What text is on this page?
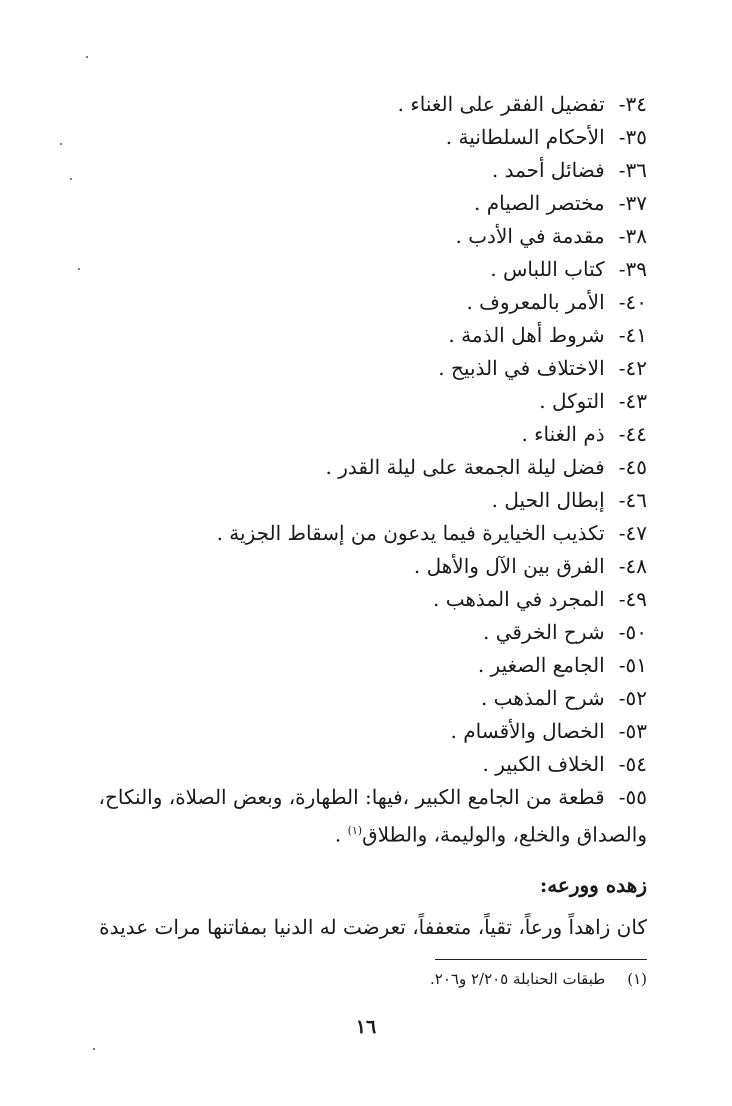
٣٤- تفضيل الفقر على الغناء .
٣٥- الأحكام السلطانية .
٣٦- فضائل أحمد .
٣٧- مختصر الصيام .
٣٨- مقدمة في الأدب .
٣٩- كتاب اللباس .
٤٠- الأمر بالمعروف .
٤١- شروط أهل الذمة .
٤٢- الاختلاف في الذبيح .
٤٣- التوكل .
٤٤- ذم الغناء .
٤٥- فضل ليلة الجمعة على ليلة القدر .
٤٦- إبطال الحيل .
٤٧- تكذيب الخيايرة فيما يدعون من إسقاط الجزية .
٤٨- الفرق بين الآل والأهل .
٤٩- المجرد في المذهب .
٥٠- شرح الخرقي .
٥١- الجامع الصغير .
٥٢- شرح المذهب .
٥٣- الخصال والأقسام .
٥٤- الخلاف الكبير .
٥٥- قطعة من الجامع الكبير ،فيها: الطهارة، وبعض الصلاة، والنكاح،
والصداق والخلع، والوليمة، والطلاق$^{(١)}$ .
زهده وورعه:
كان زاهداً ورعاً، تقياً، متعففاً، تعرضت له الدنيا بمفاتنها مرات عديدة
(١)طبقات الحنابلة ٢/٢٠٥ و٢٠٦.
١٦
